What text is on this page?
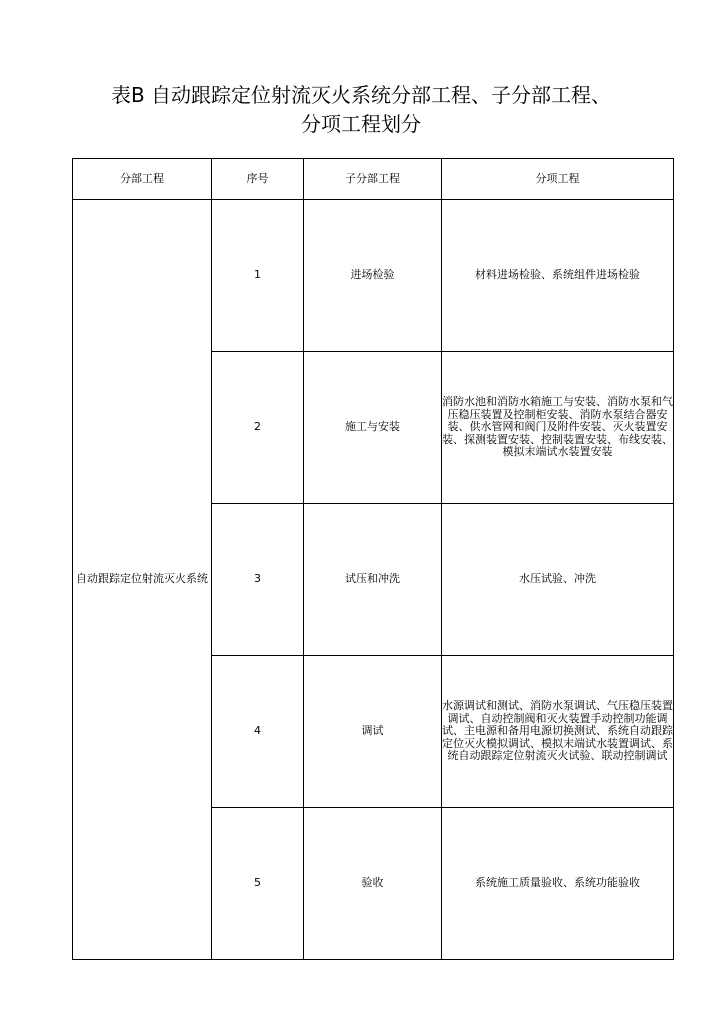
表B 自动跟踪定位射流灭火系统分部工程、子分部工程、
分项工程划分
分部工程	序号	子分部工程	分项工程
自动跟踪定位射流灭火系统	1	进场检验	材料进场检验、系统组件进场检验
	2	施工与安装	消防水池和消防水箱施工与安装、消防水泵和气压稳压装置及控制柜安装、消防水泵结合器安装、供水管网和阀门及附件安装、灭火装置安装、探测装置安装、控制装置安装、布线安装、模拟末端试水装置安装
	3	试压和冲洗	水压试验、冲洗
	4	调试	水源调试和测试、消防水泵调试、气压稳压装置调试、自动控制阀和灭火装置手动控制功能调试、主电源和备用电源切换测试、系统自动跟踪定位灭火模拟调试、模拟末端试水装置调试、系统自动跟踪定位射流灭火试验、联动控制调试
	5	验收	系统施工质量验收、系统功能验收
